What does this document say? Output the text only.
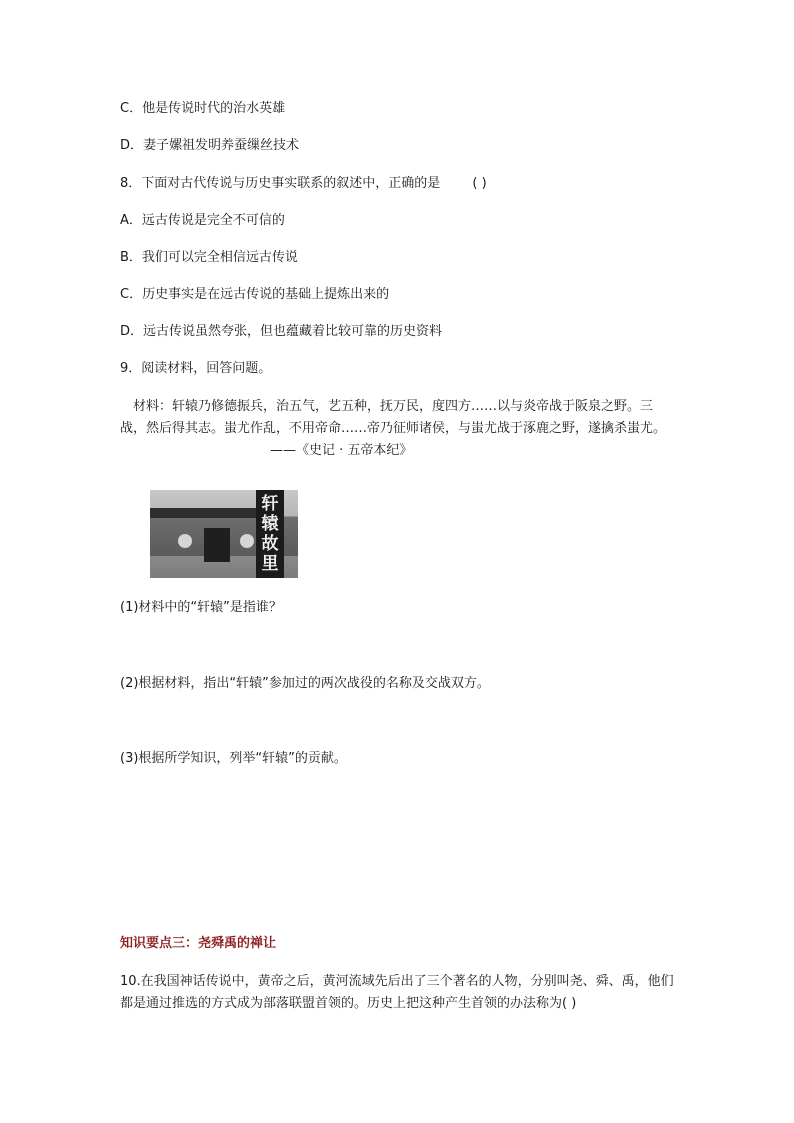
C．他是传说时代的治水英雄
D．妻子嫘祖发明养蚕缫丝技术
8．下面对古代传说与历史事实联系的叙述中，正确的是 ( )
A．远古传说是完全不可信的
B．我们可以完全相信远古传说
C．历史事实是在远古传说的基础上提炼出来的
D．远古传说虽然夸张，但也蕴藏着比较可靠的历史资料
9．阅读材料，回答问题。
材料：轩辕乃修德振兵，治五气，艺五种，抚万民，度四方……以与炎帝战于阪泉之野。三战，然后得其志。蚩尤作乱，不用帝命……帝乃征师诸侯，与蚩尤战于涿鹿之野，遂擒杀蚩尤。 ——《史记 · 五帝本纪》
轩
辕
故
里
(1)材料中的“轩辕”是指谁？
(2)根据材料，指出“轩辕”参加过的两次战役的名称及交战双方。
(3)根据所学知识，列举“轩辕”的贡献。
知识要点三：尧舜禹的禅让
10.在我国神话传说中，黄帝之后，黄河流域先后出了三个著名的人物，分别叫尧、舜、禹，他们都是通过推选的方式成为部落联盟首领的。历史上把这种产生首领的办法称为( )
